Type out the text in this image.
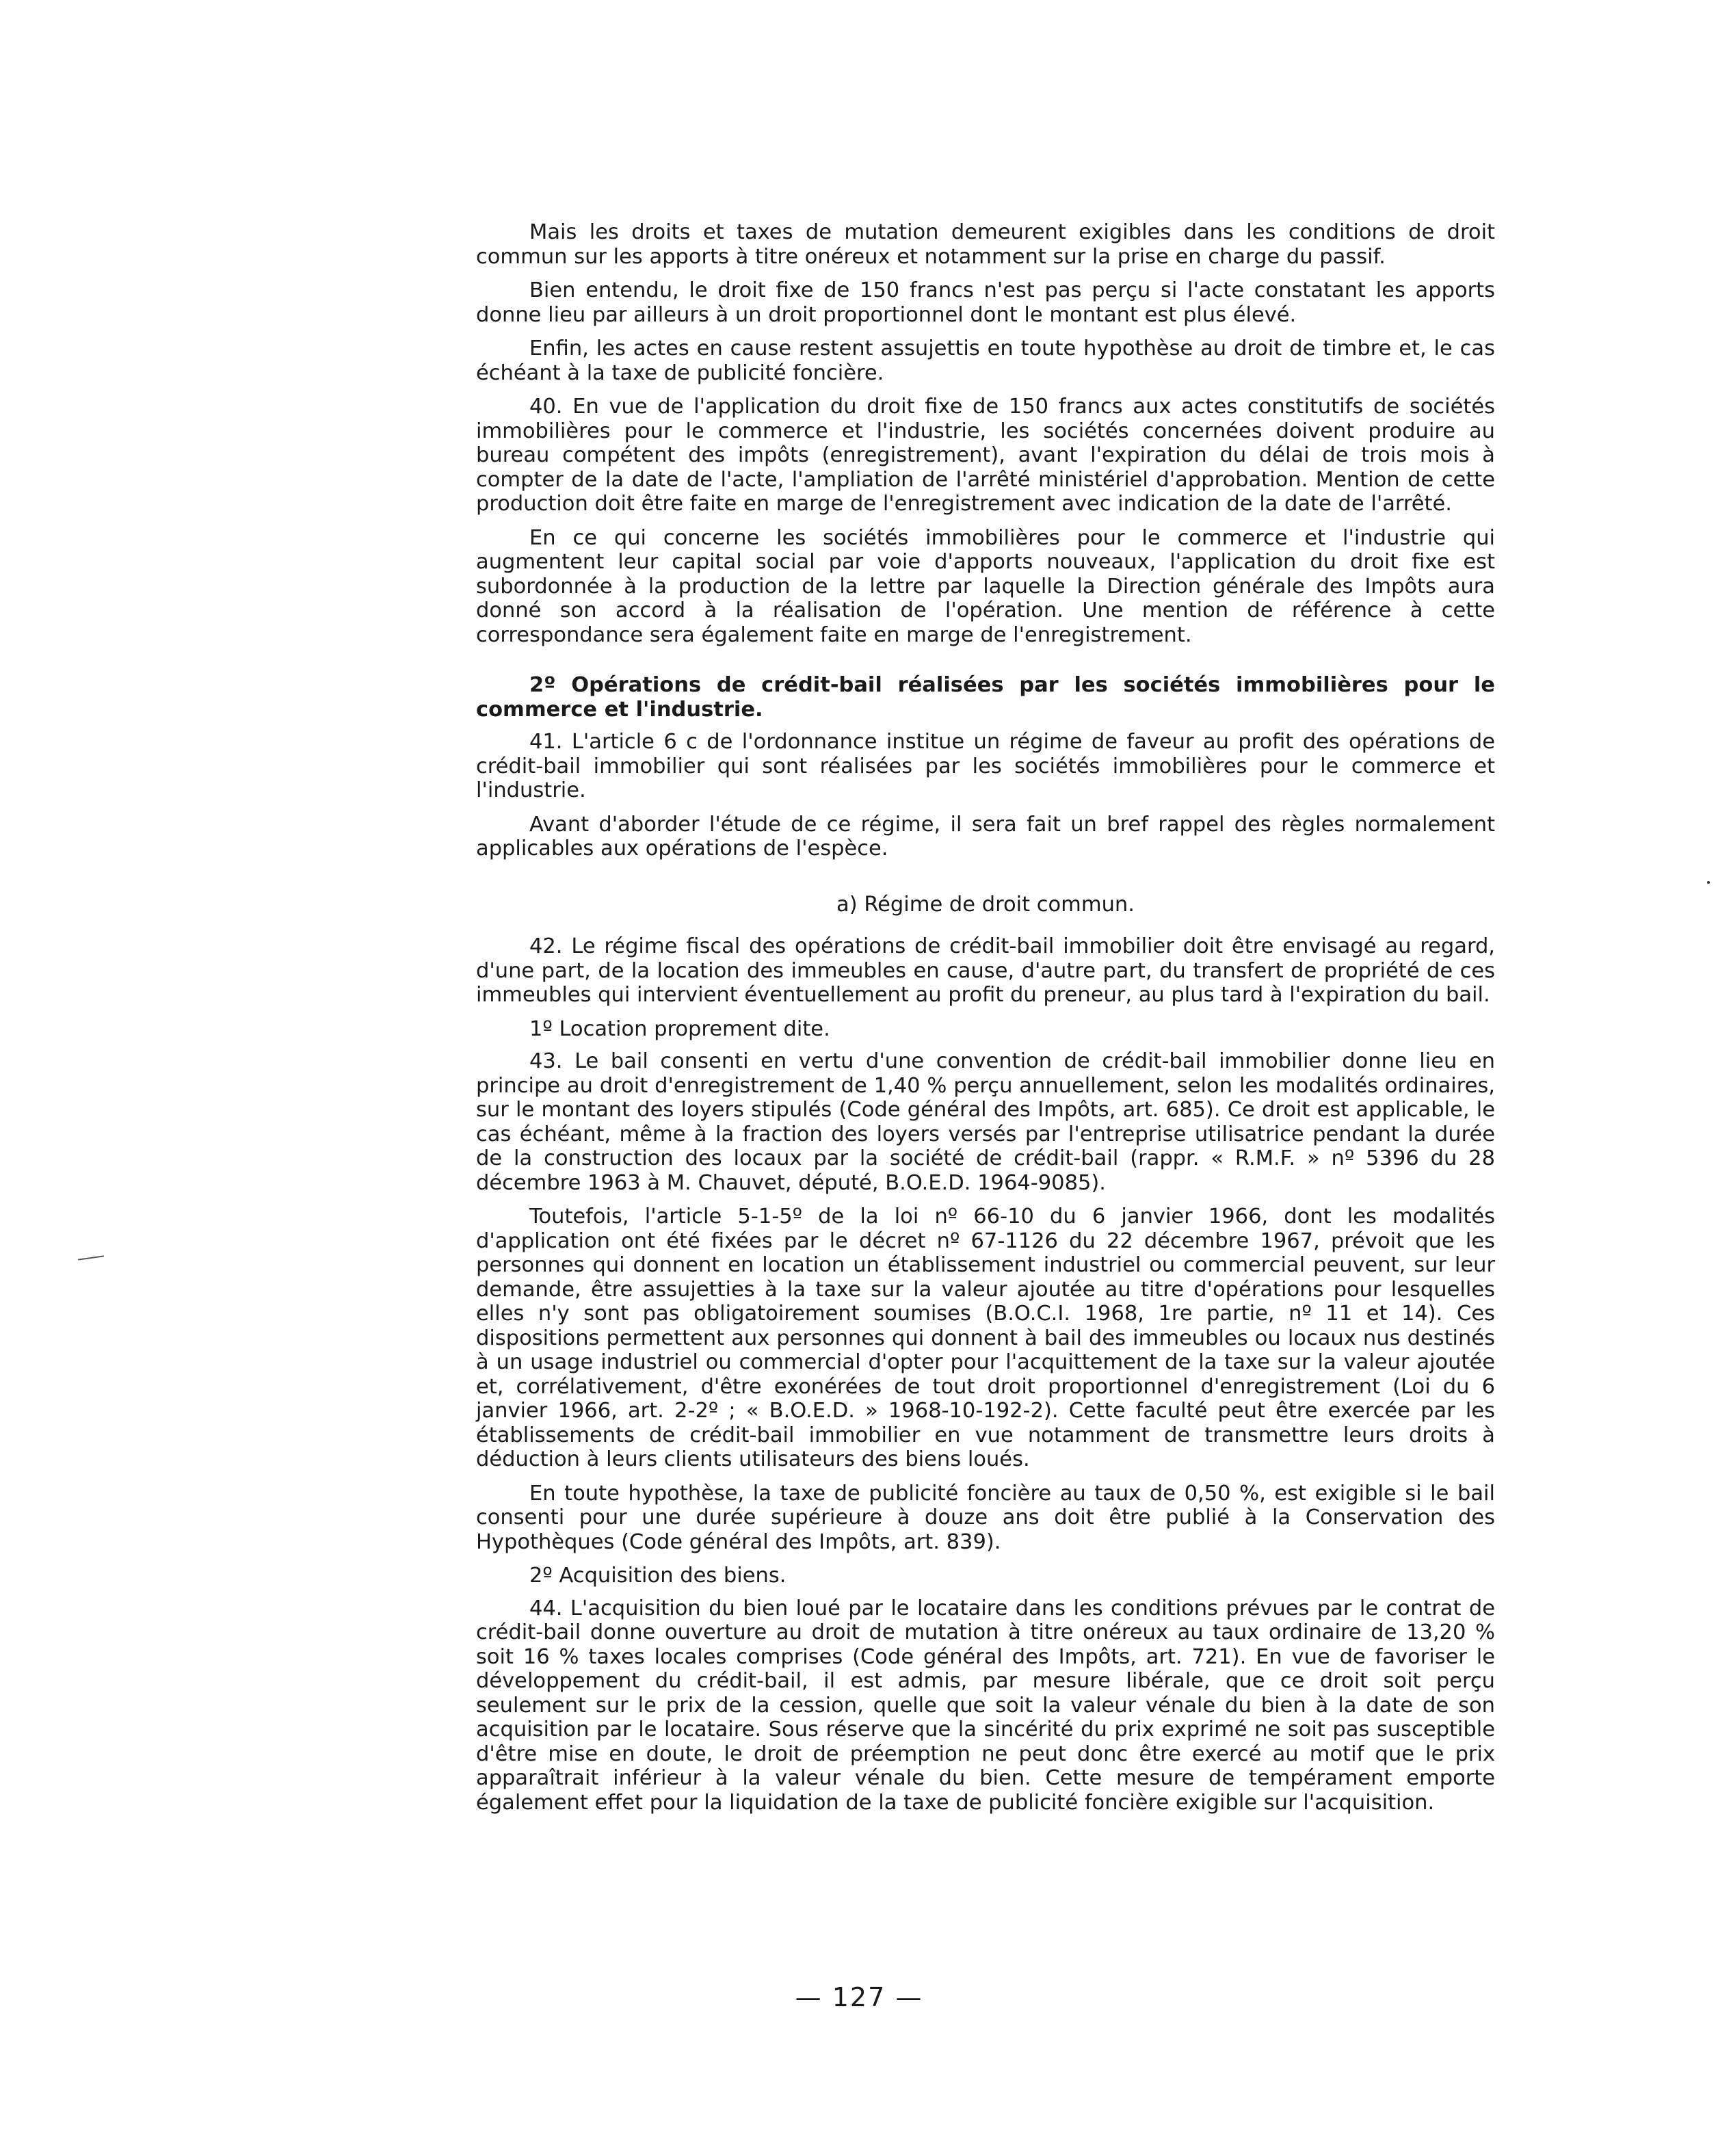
Mais les droits et taxes de mutation demeurent exigibles dans les conditions de droit commun sur les apports à titre onéreux et notamment sur la prise en charge du passif.

Bien entendu, le droit fixe de 150 francs n'est pas perçu si l'acte constatant les apports donne lieu par ailleurs à un droit proportionnel dont le montant est plus élevé.

Enfin, les actes en cause restent assujettis en toute hypothèse au droit de timbre et, le cas échéant à la taxe de publicité foncière.

40. En vue de l'application du droit fixe de 150 francs aux actes constitutifs de sociétés immobilières pour le commerce et l'industrie, les sociétés concernées doivent produire au bureau compétent des impôts (enregistrement), avant l'expiration du délai de trois mois à compter de la date de l'acte, l'ampliation de l'arrêté ministériel d'approbation. Mention de cette production doit être faite en marge de l'enregistrement avec indication de la date de l'arrêté.

En ce qui concerne les sociétés immobilières pour le commerce et l'industrie qui augmentent leur capital social par voie d'apports nouveaux, l'application du droit fixe est subordonnée à la production de la lettre par laquelle la Direction générale des Impôts aura donné son accord à la réalisation de l'opération. Une mention de référence à cette correspondance sera également faite en marge de l'enregistrement.

2º Opérations de crédit-bail réalisées par les sociétés immobilières pour le commerce et l'industrie.

41. L'article 6 c de l'ordonnance institue un régime de faveur au profit des opérations de crédit-bail immobilier qui sont réalisées par les sociétés immobilières pour le commerce et l'industrie.

Avant d'aborder l'étude de ce régime, il sera fait un bref rappel des règles normalement applicables aux opérations de l'espèce.

a) Régime de droit commun.

42. Le régime fiscal des opérations de crédit-bail immobilier doit être envisagé au regard, d'une part, de la location des immeubles en cause, d'autre part, du transfert de propriété de ces immeubles qui intervient éventuellement au profit du preneur, au plus tard à l'expiration du bail.

1º Location proprement dite.

43. Le bail consenti en vertu d'une convention de crédit-bail immobilier donne lieu en principe au droit d'enregistrement de 1,40 % perçu annuellement, selon les modalités ordinaires, sur le montant des loyers stipulés (Code général des Impôts, art. 685). Ce droit est applicable, le cas échéant, même à la fraction des loyers versés par l'entreprise utilisatrice pendant la durée de la construction des locaux par la société de crédit-bail (rappr. « R.M.F. » nº 5396 du 28 décembre 1963 à M. Chauvet, député, B.O.E.D. 1964-9085).

Toutefois, l'article 5-1-5º de la loi nº 66-10 du 6 janvier 1966, dont les modalités d'application ont été fixées par le décret nº 67-1126 du 22 décembre 1967, prévoit que les personnes qui donnent en location un établissement industriel ou commercial peuvent, sur leur demande, être assujetties à la taxe sur la valeur ajoutée au titre d'opérations pour lesquelles elles n'y sont pas obligatoirement soumises (B.O.C.I. 1968, 1re partie, nº 11 et 14). Ces dispositions permettent aux personnes qui donnent à bail des immeubles ou locaux nus destinés à un usage industriel ou commercial d'opter pour l'acquittement de la taxe sur la valeur ajoutée et, corrélativement, d'être exonérées de tout droit proportionnel d'enregistrement (Loi du 6 janvier 1966, art. 2-2º ; « B.O.E.D. » 1968-10-192-2). Cette faculté peut être exercée par les établissements de crédit-bail immobilier en vue notamment de transmettre leurs droits à déduction à leurs clients utilisateurs des biens loués.

En toute hypothèse, la taxe de publicité foncière au taux de 0,50 %, est exigible si le bail consenti pour une durée supérieure à douze ans doit être publié à la Conservation des Hypothèques (Code général des Impôts, art. 839).

2º Acquisition des biens.

44. L'acquisition du bien loué par le locataire dans les conditions prévues par le contrat de crédit-bail donne ouverture au droit de mutation à titre onéreux au taux ordinaire de 13,20 % soit 16 % taxes locales comprises (Code général des Impôts, art. 721). En vue de favoriser le développement du crédit-bail, il est admis, par mesure libérale, que ce droit soit perçu seulement sur le prix de la cession, quelle que soit la valeur vénale du bien à la date de son acquisition par le locataire. Sous réserve que la sincérité du prix exprimé ne soit pas susceptible d'être mise en doute, le droit de préemption ne peut donc être exercé au motif que le prix apparaîtrait inférieur à la valeur vénale du bien. Cette mesure de tempérament emporte également effet pour la liquidation de la taxe de publicité foncière exigible sur l'acquisition.

— 127 —
